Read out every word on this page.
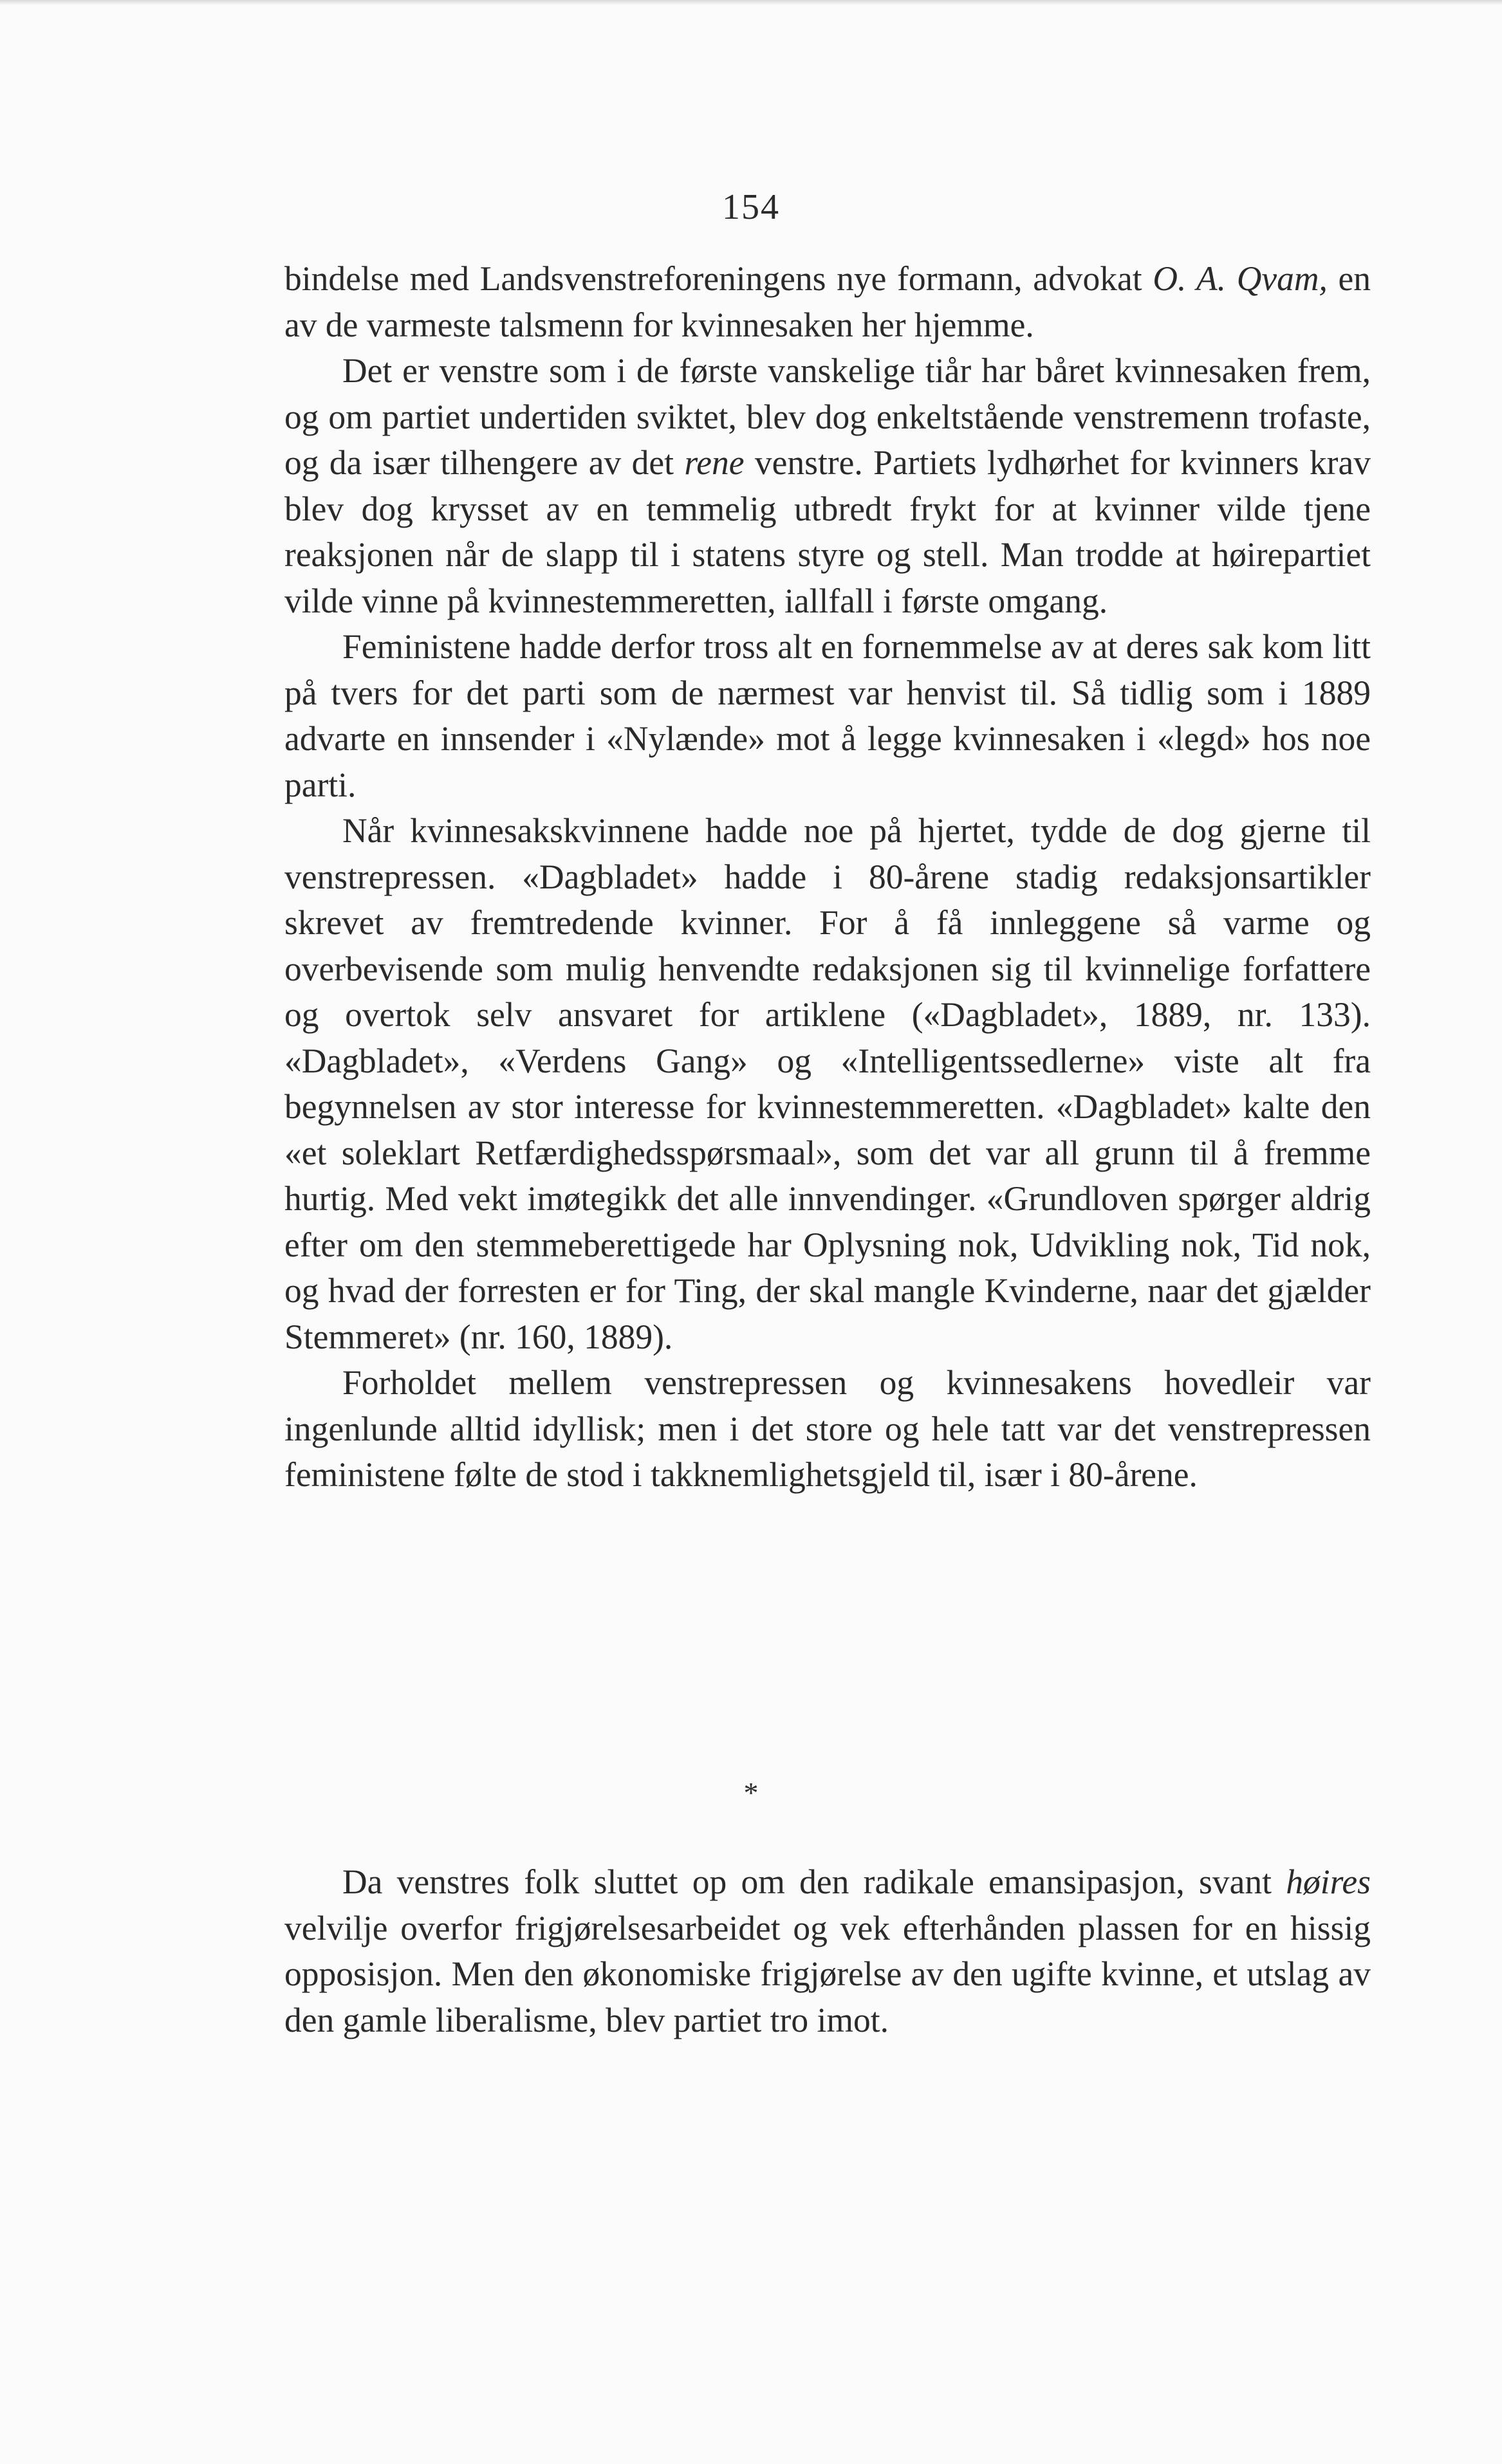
154

bindelse med Landsvenstreforeningens nye formann, advokat O. A. Qvam, en av de varmeste talsmenn for kvinnesaken her hjemme.

Det er venstre som i de første vanskelige tiår har båret kvinnesaken frem, og om partiet undertiden sviktet, blev dog enkeltstående venstremenn trofaste, og da især tilhengere av det rene venstre. Partiets lydhørhet for kvinners krav blev dog krysset av en temmelig utbredt frykt for at kvinner vilde tjene reaksjonen når de slapp til i statens styre og stell. Man trodde at høirepartiet vilde vinne på kvinnestemmeretten, iallfall i første omgang.

Feministene hadde derfor tross alt en fornemmelse av at deres sak kom litt på tvers for det parti som de nærmest var henvist til. Så tidlig som i 1889 advarte en innsender i «Nylænde» mot å legge kvinnesaken i «legd» hos noe parti.

Når kvinnesakskvinnene hadde noe på hjertet, tydde de dog gjerne til venstrepressen. «Dagbladet» hadde i 80-årene stadig redaksjonsartikler skrevet av fremtredende kvinner. For å få innleggene så varme og overbevisende som mulig henvendte redaksjonen sig til kvinnelige forfattere og overtok selv ansvaret for artiklene («Dagbladet», 1889, nr. 133). «Dagbladet», «Verdens Gang» og «Intelligentssedlerne» viste alt fra begynnelsen av stor interesse for kvinnestemmeretten. «Dagbladet» kalte den «et soleklart Retfærdighedsspørsmaal», som det var all grunn til å fremme hurtig. Med vekt imøtegikk det alle innvendinger. «Grundloven spørger aldrig efter om den stemmeberettigede har Oplysning nok, Udvikling nok, Tid nok, og hvad der forresten er for Ting, der skal mangle Kvinderne, naar det gjælder Stemmeret» (nr. 160, 1889).

Forholdet mellem venstrepressen og kvinnesakens hovedleir var ingenlunde alltid idyllisk; men i det store og hele tatt var det venstrepressen feministene følte de stod i takknemlighetsgjeld til, især i 80-årene.

*

Da venstres folk sluttet op om den radikale emansipasjon, svant høires velvilje overfor frigjørelsesarbeidet og vek efterhånden plassen for en hissig opposisjon. Men den økonomiske frigjørelse av den ugifte kvinne, et utslag av den gamle liberalisme, blev partiet tro imot.
